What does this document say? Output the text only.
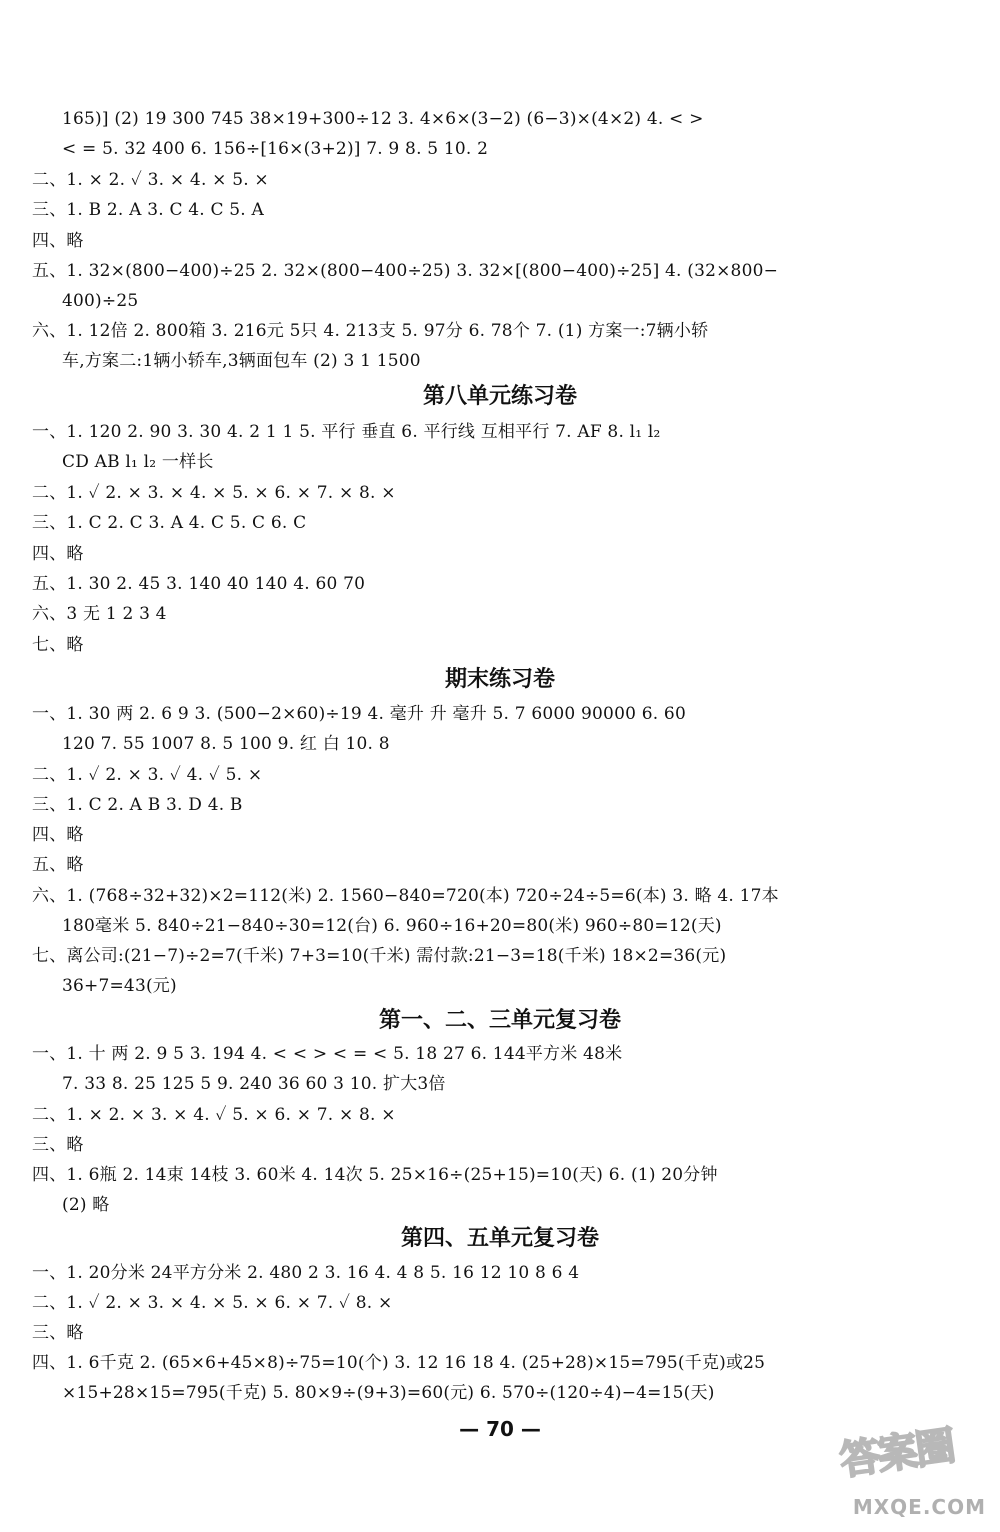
165)] (2) 19 300 745 38×19+300÷12 3. 4×6×(3−2) (6−3)×(4×2) 4. < >
< = 5. 32 400 6. 156÷[16×(3+2)] 7. 9 8. 5 10. 2
二、1. × 2. ✓ 3. × 4. × 5. ×
三、1. B 2. A 3. C 4. C 5. A
四、略
五、1. 32×(800−400)÷25 2. 32×(800−400÷25) 3. 32×[(800−400)÷25] 4. (32×800−
400)÷25
六、1. 12倍 2. 800箱 3. 216元 5只 4. 213支 5. 97分 6. 78个 7. (1) 方案一:7辆小轿
车,方案二:1辆小轿车,3辆面包车 (2) 3 1 1500
第八单元练习卷
一、1. 120 2. 90 3. 30 4. 2 1 1 5. 平行 垂直 6. 平行线 互相平行 7. AF 8. l₁ l₂
CD AB l₁ l₂ 一样长
二、1. ✓ 2. × 3. × 4. × 5. × 6. × 7. × 8. ×
三、1. C 2. C 3. A 4. C 5. C 6. C
四、略
五、1. 30 2. 45 3. 140 40 140 4. 60 70
六、3 无 1 2 3 4
七、略
期末练习卷
一、1. 30 两 2. 6 9 3. (500−2×60)÷19 4. 毫升 升 毫升 5. 7 6000 90000 6. 60
120 7. 55 1007 8. 5 100 9. 红 白 10. 8
二、1. ✓ 2. × 3. ✓ 4. ✓ 5. ×
三、1. C 2. A B 3. D 4. B
四、略
五、略
六、1. (768÷32+32)×2=112(米) 2. 1560−840=720(本) 720÷24÷5=6(本) 3. 略 4. 17本
180毫米 5. 840÷21−840÷30=12(台) 6. 960÷16+20=80(米) 960÷80=12(天)
七、离公司:(21−7)÷2=7(千米) 7+3=10(千米) 需付款:21−3=18(千米) 18×2=36(元)
36+7=43(元)
第一、二、三单元复习卷
一、1. 十 两 2. 9 5 3. 194 4. < < > < = < 5. 18 27 6. 144平方米 48米
7. 33 8. 25 125 5 9. 240 36 60 3 10. 扩大3倍
二、1. × 2. × 3. × 4. ✓ 5. × 6. × 7. × 8. ×
三、略
四、1. 6瓶 2. 14束 14枝 3. 60米 4. 14次 5. 25×16÷(25+15)=10(天) 6. (1) 20分钟
(2) 略
第四、五单元复习卷
一、1. 20分米 24平方分米 2. 480 2 3. 16 4. 4 8 5. 16 12 10 8 6 4
二、1. ✓ 2. × 3. × 4. × 5. × 6. × 7. ✓ 8. ×
三、略
四、1. 6千克 2. (65×6+45×8)÷75=10(个) 3. 12 16 18 4. (25+28)×15=795(千克)或25
×15+28×15=795(千克) 5. 80×9÷(9+3)=60(元) 6. 570÷(120÷4)−4=15(天)
— 70 —	答案圈
MXQE.COM
